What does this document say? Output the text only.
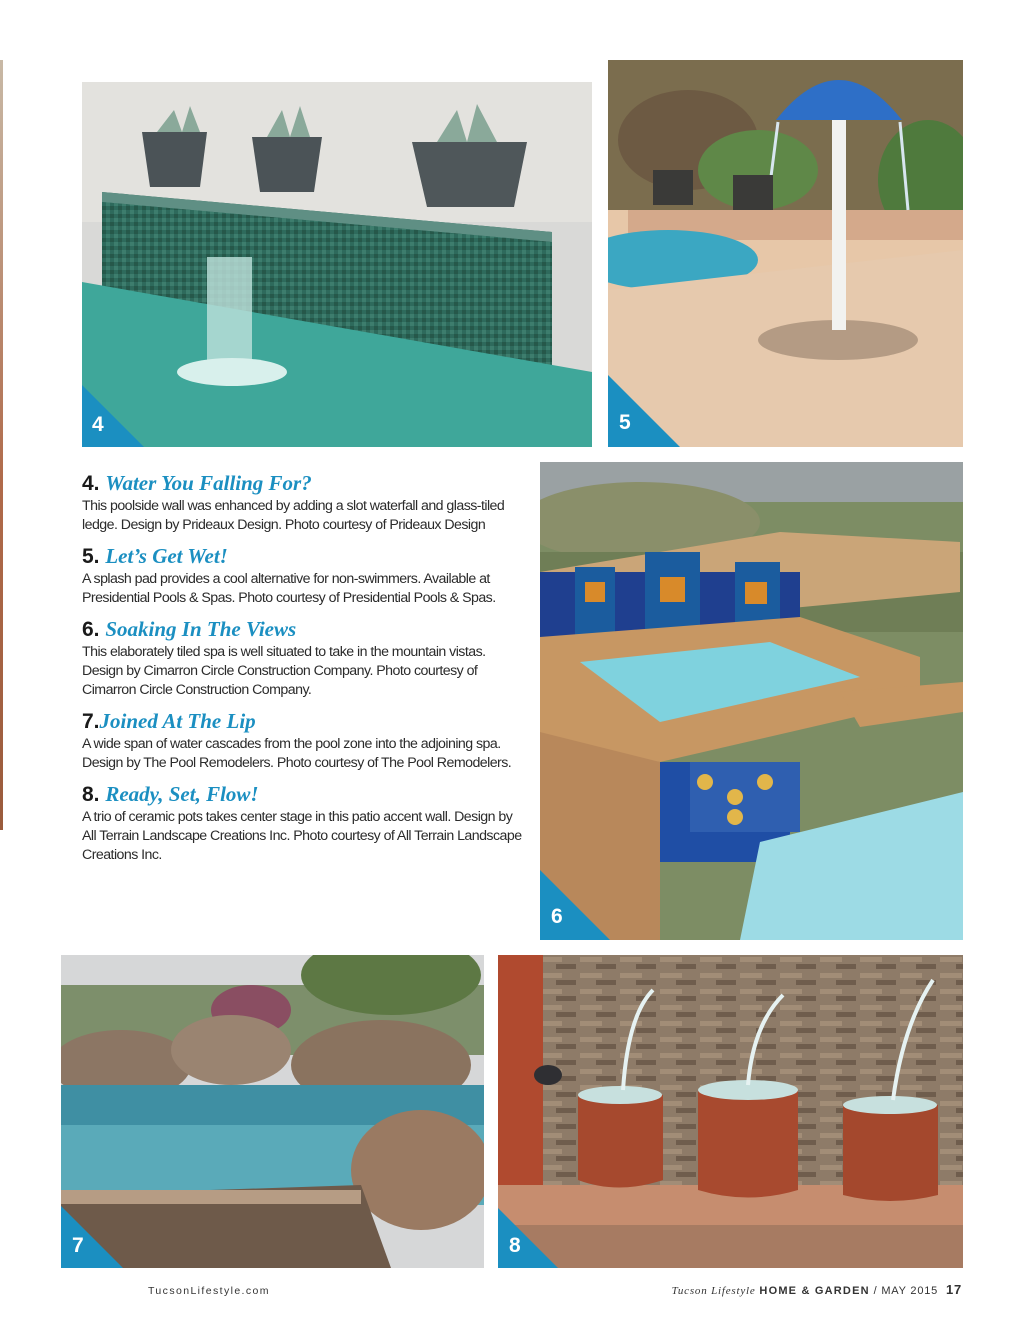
4	5
6
7	8
4. Water You Falling For?

This poolside wall was enhanced by adding a slot waterfall and glass-tiled ledge. Design by Prideaux Design. Photo courtesy of Prideaux Design

5. Let’s Get Wet!

A splash pad provides a cool alternative for non-swimmers. Available at Presidential Pools & Spas. Photo courtesy of Presidential Pools & Spas.

6. Soaking In The Views

This elaborately tiled spa is well situated to take in the mountain vistas. Design by Cimarron Circle Construction Company. Photo courtesy of Cimarron Circle Construction Company.

7.Joined At The Lip

A wide span of water cascades from the pool zone into the adjoining spa. Design by The Pool Remodelers. Photo courtesy of The Pool Remodelers.

8. Ready, Set, Flow!

A trio of ceramic pots takes center stage in this patio accent wall. Design by All Terrain Landscape Creations Inc. Photo courtesy of All Terrain Landscape Creations Inc.

TucsonLifestyle.com	Tucson Lifestyle HOME & GARDEN / MAY 2015 17
